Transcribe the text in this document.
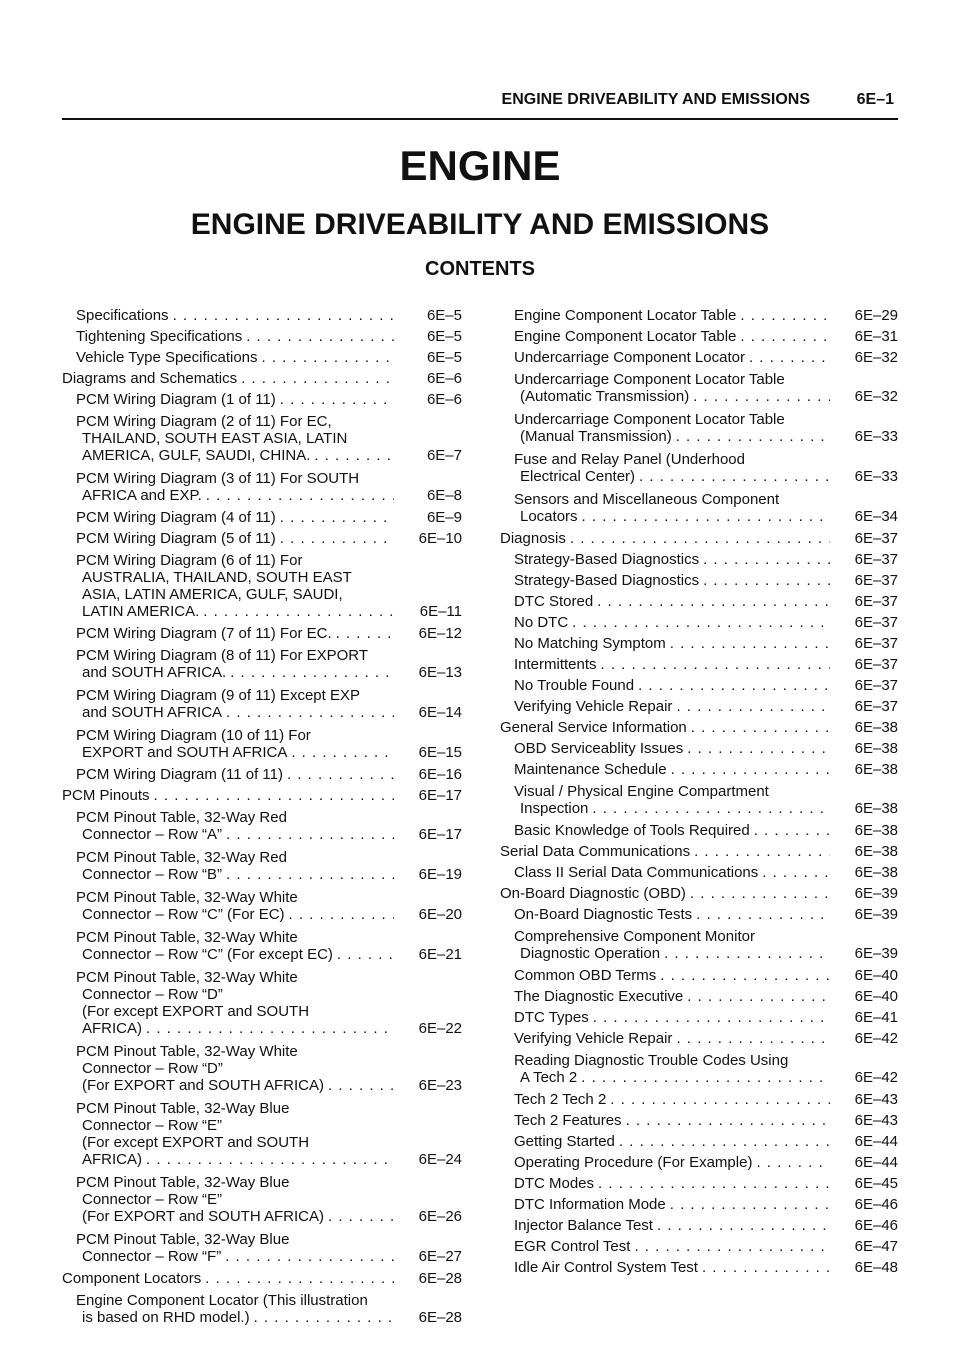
ENGINE DRIVEABILITY AND EMISSIONS	6E–1
ENGINE
ENGINE DRIVEABILITY AND EMISSIONS
CONTENTS
Specifications . . .	6E–5
Tightening Specifications . . .	6E–5
Vehicle Type Specifications . . .	6E–5
Diagrams and Schematics . . .	6E–6
PCM Wiring Diagram (1 of 11) . . .	6E–6
PCM Wiring Diagram (2 of 11) For EC,
THAILAND, SOUTH EAST ASIA, LATIN
AMERICA, GULF, SAUDI, CHINA. . . .	6E–7
PCM Wiring Diagram (3 of 11) For SOUTH
AFRICA and EXP. . . .	6E–8
PCM Wiring Diagram (4 of 11) . . .	6E–9
PCM Wiring Diagram (5 of 11) . . .	6E–10
PCM Wiring Diagram (6 of 11) For
AUSTRALIA, THAILAND, SOUTH EAST
ASIA, LATIN AMERICA, GULF, SAUDI,
LATIN AMERICA. . . .	6E–11
PCM Wiring Diagram (7 of 11) For EC. . . .	6E–12
PCM Wiring Diagram (8 of 11) For EXPORT
and SOUTH AFRICA. . . .	6E–13
PCM Wiring Diagram (9 of 11) Except EXP
and SOUTH AFRICA . . .	6E–14
PCM Wiring Diagram (10 of 11) For
EXPORT and SOUTH AFRICA . . .	6E–15
PCM Wiring Diagram (11 of 11) . . .	6E–16
PCM Pinouts . . .	6E–17
PCM Pinout Table, 32-Way Red
Connector – Row “A” . . .	6E–17
PCM Pinout Table, 32-Way Red
Connector – Row “B” . . .	6E–19
PCM Pinout Table, 32-Way White
Connector – Row “C” (For EC) . . .	6E–20
PCM Pinout Table, 32-Way White
Connector – Row “C” (For except EC) . . .	6E–21
PCM Pinout Table, 32-Way White
Connector – Row “D”
(For except EXPORT and SOUTH
AFRICA) . . .	6E–22
PCM Pinout Table, 32-Way White
Connector – Row “D”
(For EXPORT and SOUTH AFRICA) . . .	6E–23
PCM Pinout Table, 32-Way Blue
Connector – Row “E”
(For except EXPORT and SOUTH
AFRICA) . . .	6E–24
PCM Pinout Table, 32-Way Blue
Connector – Row “E”
(For EXPORT and SOUTH AFRICA) . . .	6E–26
PCM Pinout Table, 32-Way Blue
Connector – Row “F” . . .	6E–27
Component Locators . . .	6E–28
Engine Component Locator (This illustration
is based on RHD model.) . . .	6E–28
Engine Component Locator Table . . .	6E–29
Engine Component Locator Table . . .	6E–31
Undercarriage Component Locator . . .	6E–32
Undercarriage Component Locator Table
(Automatic Transmission) . . .	6E–32
Undercarriage Component Locator Table
(Manual Transmission) . . .	6E–33
Fuse and Relay Panel (Underhood
Electrical Center) . . .	6E–33
Sensors and Miscellaneous Component
Locators . . .	6E–34
Diagnosis . . .	6E–37
Strategy-Based Diagnostics . . .	6E–37
Strategy-Based Diagnostics . . .	6E–37
DTC Stored . . .	6E–37
No DTC . . .	6E–37
No Matching Symptom . . .	6E–37
Intermittents . . .	6E–37
No Trouble Found . . .	6E–37
Verifying Vehicle Repair . . .	6E–37
General Service Information . . .	6E–38
OBD Serviceablity Issues . . .	6E–38
Maintenance Schedule . . .	6E–38
Visual / Physical Engine Compartment
Inspection . . .	6E–38
Basic Knowledge of Tools Required . . .	6E–38
Serial Data Communications . . .	6E–38
Class II Serial Data Communications . . .	6E–38
On-Board Diagnostic (OBD) . . .	6E–39
On-Board Diagnostic Tests . . .	6E–39
Comprehensive Component Monitor
Diagnostic Operation . . .	6E–39
Common OBD Terms . . .	6E–40
The Diagnostic Executive . . .	6E–40
DTC Types . . .	6E–41
Verifying Vehicle Repair . . .	6E–42
Reading Diagnostic Trouble Codes Using
A Tech 2 . . .	6E–42
Tech 2 Tech 2 . . .	6E–43
Tech 2 Features . . .	6E–43
Getting Started . . .	6E–44
Operating Procedure (For Example) . . .	6E–44
DTC Modes . . .	6E–45
DTC Information Mode . . .	6E–46
Injector Balance Test . . .	6E–46
EGR Control Test . . .	6E–47
Idle Air Control System Test . . .	6E–48
